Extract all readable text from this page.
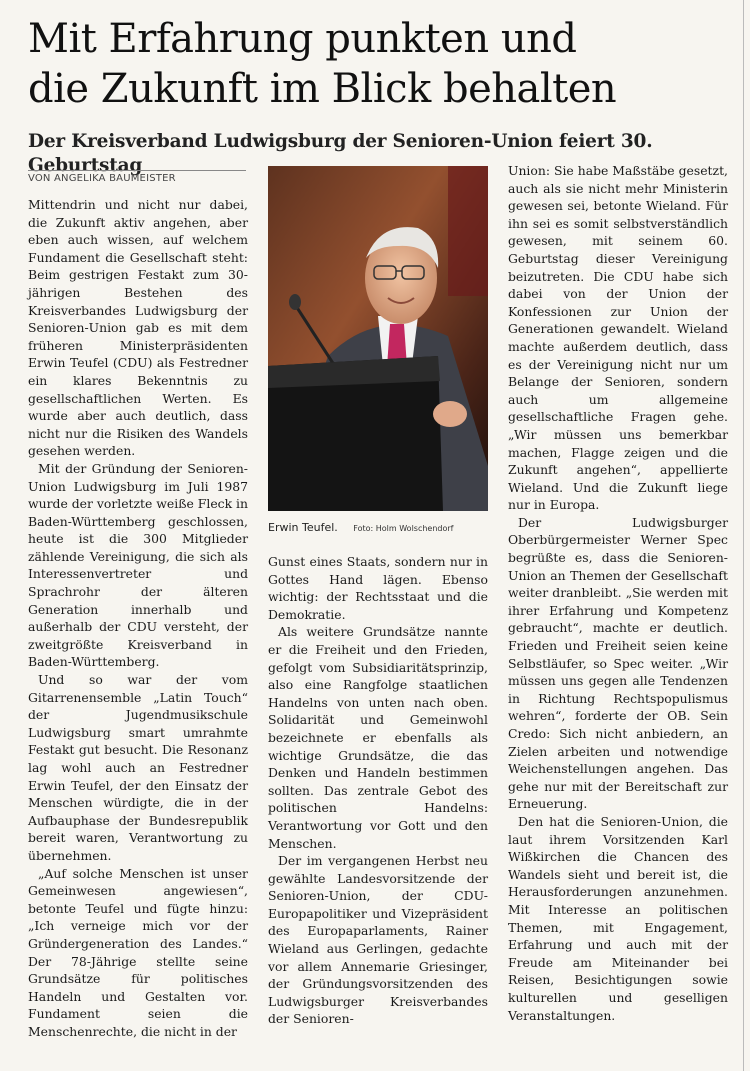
Mit Erfahrung punkten und
die Zukunft im Blick behalten
Der Kreisverband Ludwigsburg der Senioren-Union feiert 30. Geburtstag
VON ANGELIKA BAUMEISTER

Mittendrin und nicht nur dabei, die Zukunft aktiv angehen, aber eben auch wissen, auf welchem Fundament die Gesellschaft steht: Beim gestrigen Festakt zum 30-jährigen Bestehen des Kreisverbandes Ludwigsburg der Senioren-Union gab es mit dem früheren Ministerpräsidenten Erwin Teufel (CDU) als Festredner ein klares Bekenntnis zu gesellschaftlichen Werten. Es wurde aber auch deutlich, dass nicht nur die Risiken des Wandels gesehen werden.

Mit der Gründung der Senioren-Union Ludwigsburg im Juli 1987 wurde der vorletzte weiße Fleck in Baden-Württemberg geschlossen, heute ist die 300 Mitglieder zählende Vereinigung, die sich als Interessenvertreter und Sprachrohr der älteren Generation innerhalb und außerhalb der CDU versteht, der zweitgrößte Kreisverband in Baden-Württemberg.

Und so war der vom Gitarrenensemble „Latin Touch“ der Jugendmusikschule Ludwigsburg smart umrahmte Festakt gut besucht. Die Resonanz lag wohl auch an Festredner Erwin Teufel, der den Einsatz der Menschen würdigte, die in der Aufbauphase der Bundesrepublik bereit waren, Verantwortung zu übernehmen.

„Auf solche Menschen ist unser Gemeinwesen angewiesen“, betonte Teufel und fügte hinzu: „Ich verneige mich vor der Gründergeneration des Landes.“ Der 78-Jährige stellte seine Grundsätze für politisches Handeln und Gestalten vor. Fundament seien die Menschenrechte, die nicht in der

Erwin Teufel. Foto: Holm Wolschendorf

Gunst eines Staats, sondern nur in Gottes Hand lägen. Ebenso wichtig: der Rechtsstaat und die Demokratie.

Als weitere Grundsätze nannte er die Freiheit und den Frieden, gefolgt vom Subsidiaritätsprinzip, also eine Rangfolge staatlichen Handelns von unten nach oben. Solidarität und Gemeinwohl bezeichnete er ebenfalls als wichtige Grundsätze, die das Denken und Handeln bestimmen sollten. Das zentrale Gebot des politischen Handelns: Verantwortung vor Gott und den Menschen.

Der im vergangenen Herbst neu gewählte Landesvorsitzende der Senioren-Union, der CDU-Europapolitiker und Vizepräsident des Europaparlaments, Rainer Wieland aus Gerlingen, gedachte vor allem Annemarie Griesinger, der Gründungsvorsitzenden des Ludwigsburger Kreisverbandes der Senioren-

Union: Sie habe Maßstäbe gesetzt, auch als sie nicht mehr Ministerin gewesen sei, betonte Wieland. Für ihn sei es somit selbstverständlich gewesen, mit seinem 60. Geburtstag dieser Vereinigung beizutreten. Die CDU habe sich dabei von der Union der Konfessionen zur Union der Generationen gewandelt. Wieland machte außerdem deutlich, dass es der Vereinigung nicht nur um Belange der Senioren, sondern auch um allgemeine gesellschaftliche Fragen gehe. „Wir müssen uns bemerkbar machen, Flagge zeigen und die Zukunft angehen“, appellierte Wieland. Und die Zukunft liege nur in Europa.

Der Ludwigsburger Oberbürgermeister Werner Spec begrüßte es, dass die Senioren-Union an Themen der Gesellschaft weiter dranbleibt. „Sie werden mit ihrer Erfahrung und Kompetenz gebraucht“, machte er deutlich. Frieden und Freiheit seien keine Selbstläufer, so Spec weiter. „Wir müssen uns gegen alle Tendenzen in Richtung Rechtspopulismus wehren“, forderte der OB. Sein Credo: Sich nicht anbiedern, an Zielen arbeiten und notwendige Weichenstellungen angehen. Das gehe nur mit der Bereitschaft zur Erneuerung.

Den hat die Senioren-Union, die laut ihrem Vorsitzenden Karl Wißkirchen die Chancen des Wandels sieht und bereit ist, die Herausforderungen anzunehmen. Mit Interesse an politischen Themen, mit Engagement, Erfahrung und auch mit der Freude am Miteinander bei Reisen, Besichtigungen sowie kulturellen und geselligen Veranstaltungen.
